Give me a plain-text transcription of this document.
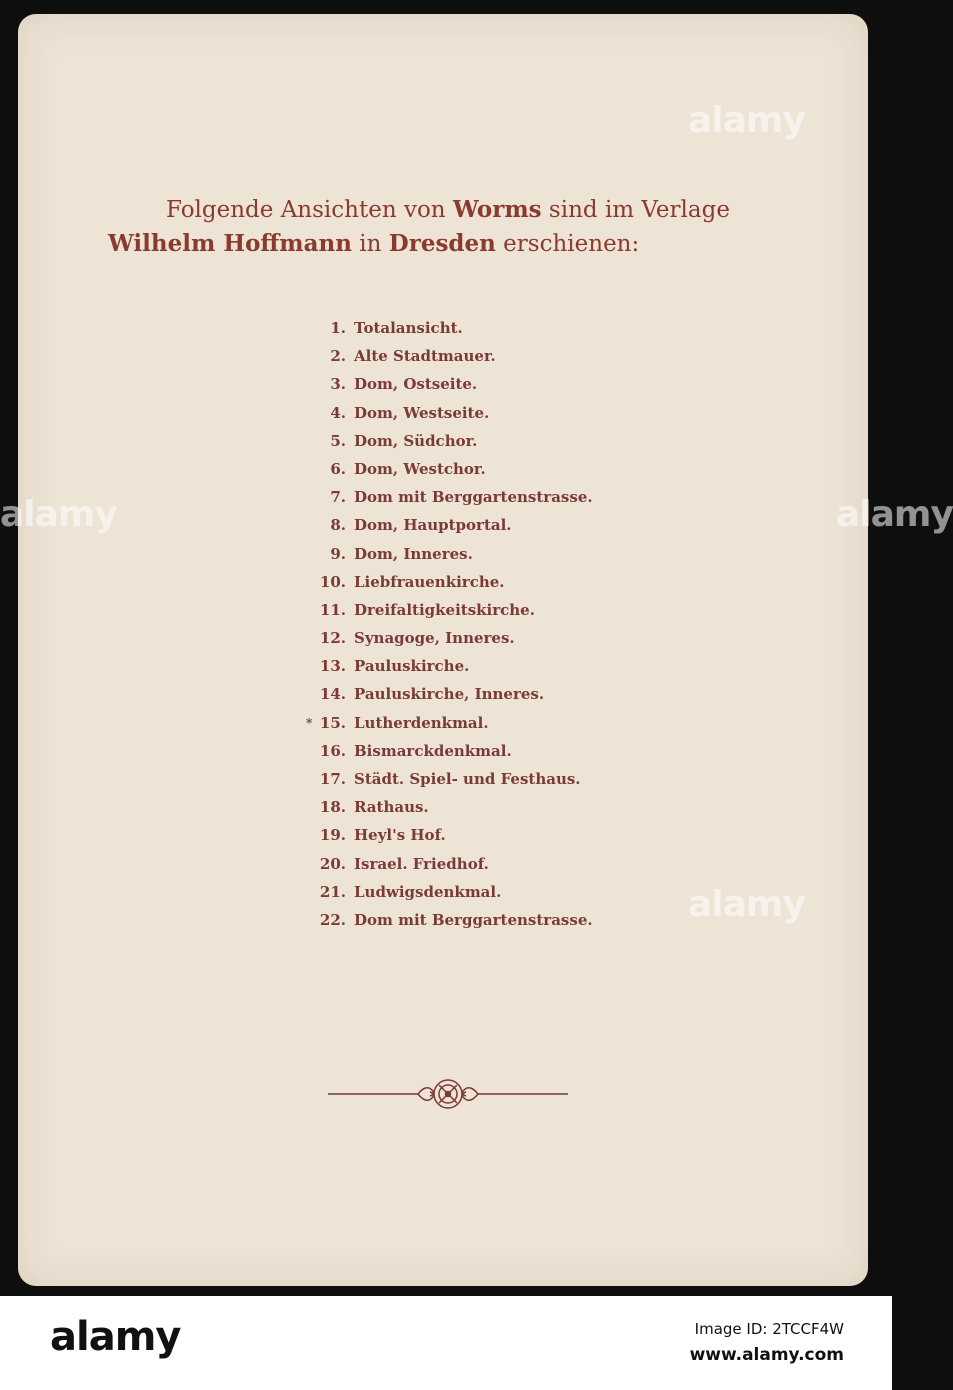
Folgende Ansichten von Worms sind im Verlage
Wilhelm Hoffmann in Dresden erschienen:
1. Totalansicht.
2. Alte Stadtmauer.
3. Dom, Ostseite.
4. Dom, Westseite.
5. Dom, Südchor.
6. Dom, Westchor.
7. Dom mit Berggartenstrasse.
8. Dom, Hauptportal.
9. Dom, Inneres.
10. Liebfrauenkirche.
11. Dreifaltigkeitskirche.
12. Synagoge, Inneres.
13. Pauluskirche.
14. Pauluskirche, Inneres.
* 15. Lutherdenkmal.
16. Bismarckdenkmal.
17. Städt. Spiel- und Festhaus.
18. Rathaus.
19. Heyl's Hof.
20. Israel. Friedhof.
21. Ludwigsdenkmal.
22. Dom mit Berggartenstrasse.
alamy
alamy	alamy
alamy
alamy	Image ID: 2TCCF4W
www.alamy.com
